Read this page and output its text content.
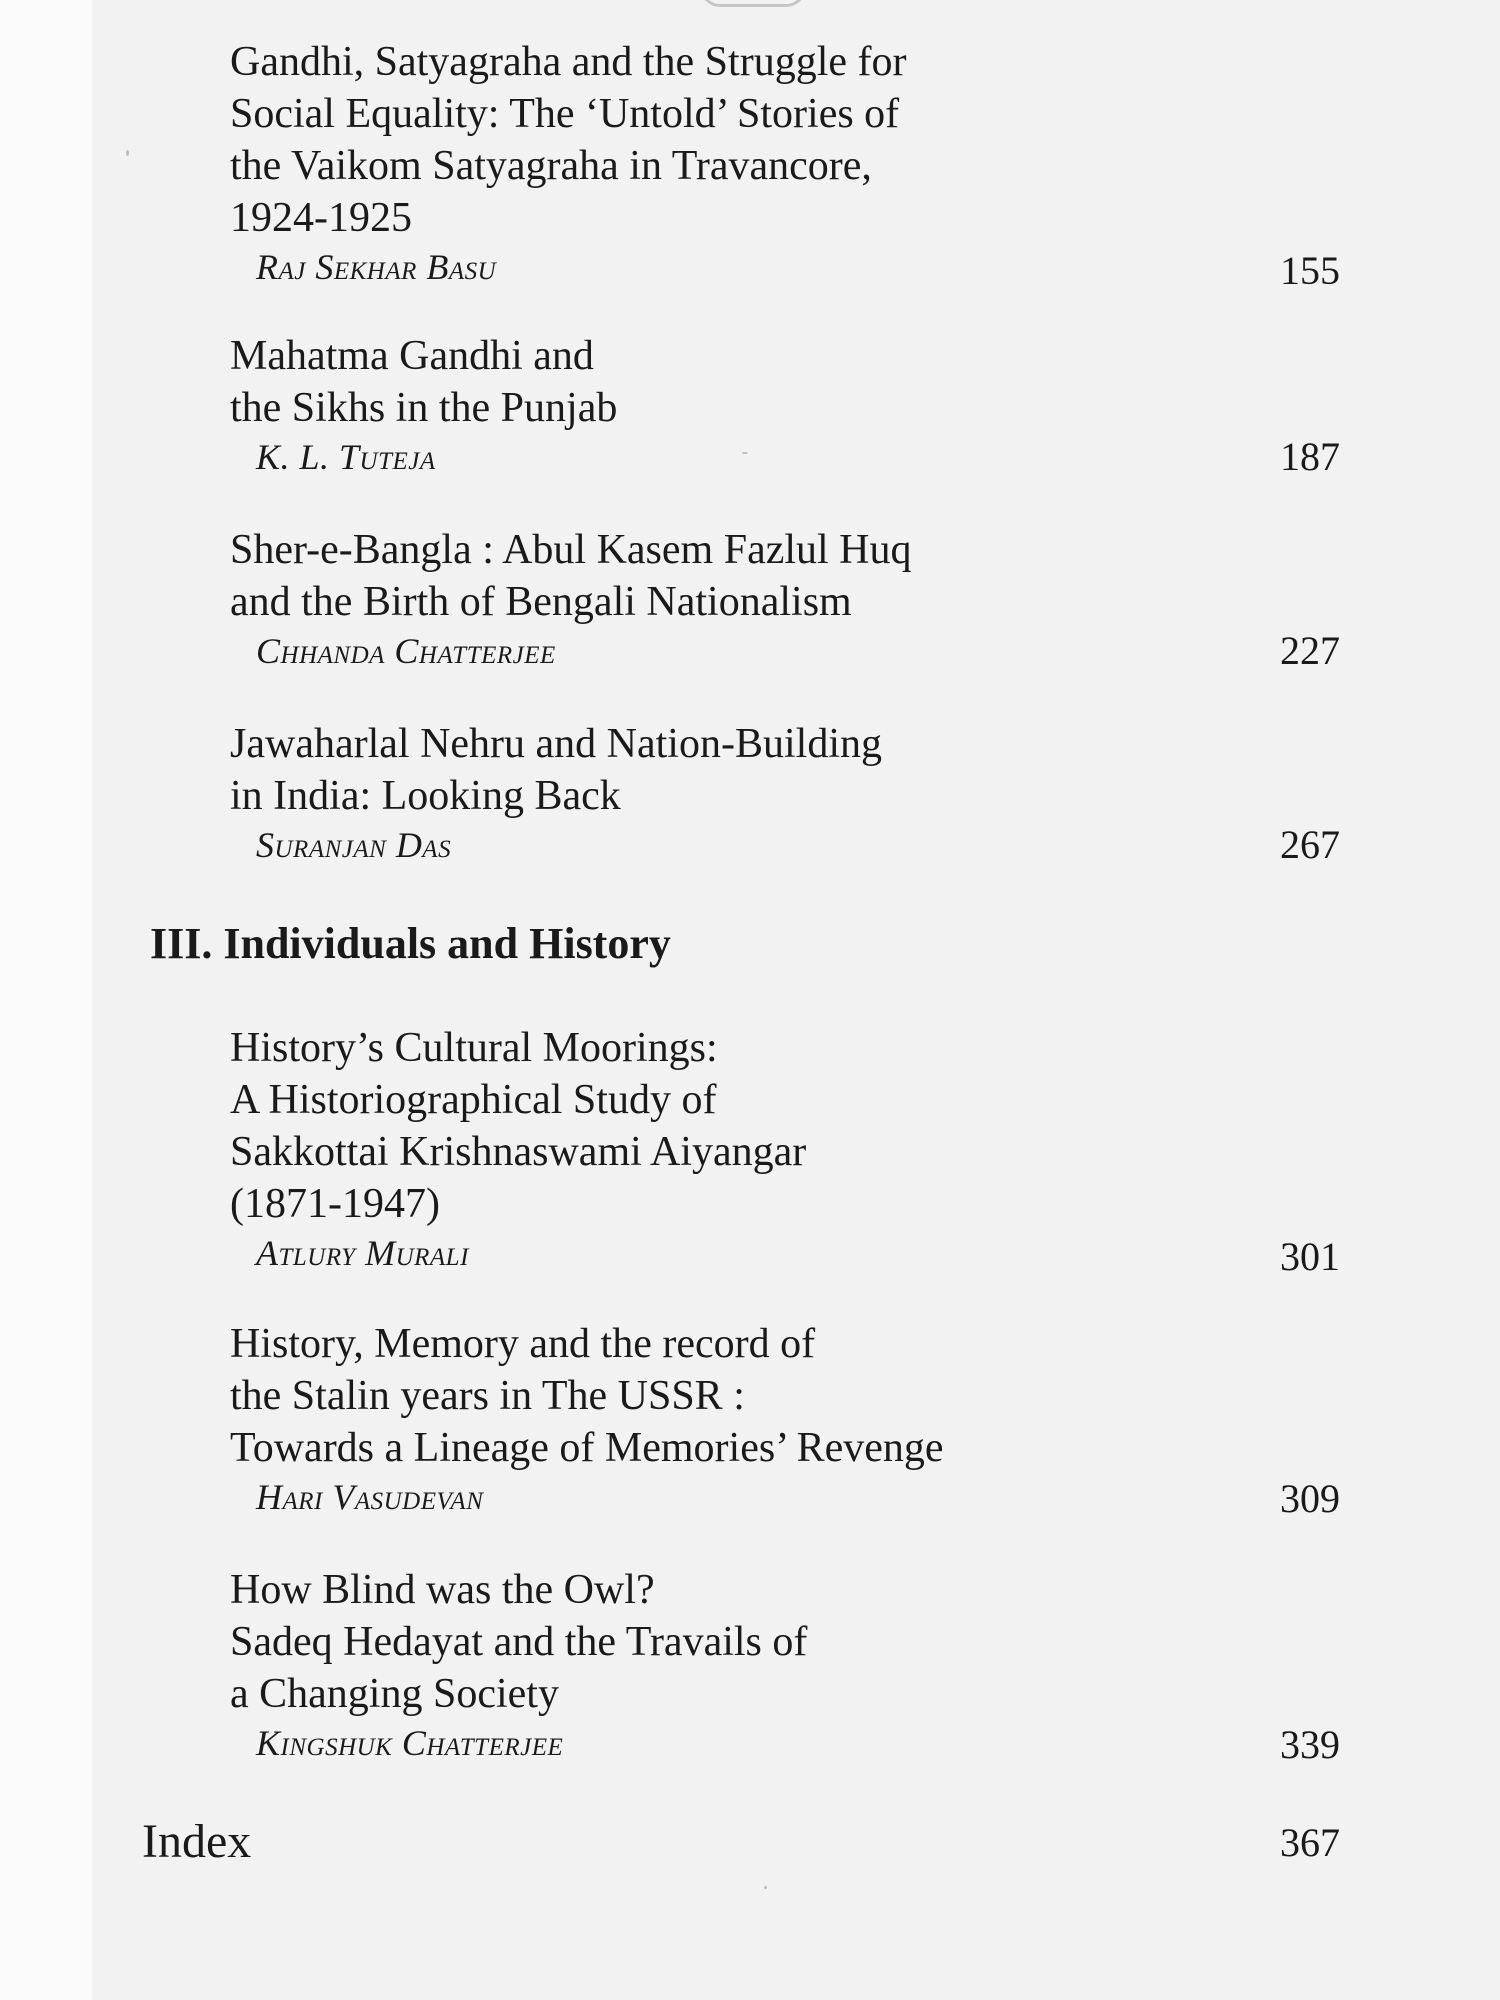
Gandhi, Satyagraha and the Struggle for
Social Equality: The ‘Untold’ Stories of
the Vaikom Satyagraha in Travancore,
1924-1925
Raj Sekhar Basu	155
Mahatma Gandhi and
the Sikhs in the Punjab
K. L. Tuteja	187
Sher-e-Bangla : Abul Kasem Fazlul Huq
and the Birth of Bengali Nationalism
Chhanda Chatterjee	227
Jawaharlal Nehru and Nation-Building
in India: Looking Back
Suranjan Das	267
III. Individuals and History
History’s Cultural Moorings:
A Historiographical Study of
Sakkottai Krishnaswami Aiyangar
(1871-1947)
Atlury Murali	301
History, Memory and the record of
the Stalin years in The USSR :
Towards a Lineage of Memories’ Revenge
Hari Vasudevan	309
How Blind was the Owl?
Sadeq Hedayat and the Travails of
a Changing Society
Kingshuk Chatterjee	339
Index	367
